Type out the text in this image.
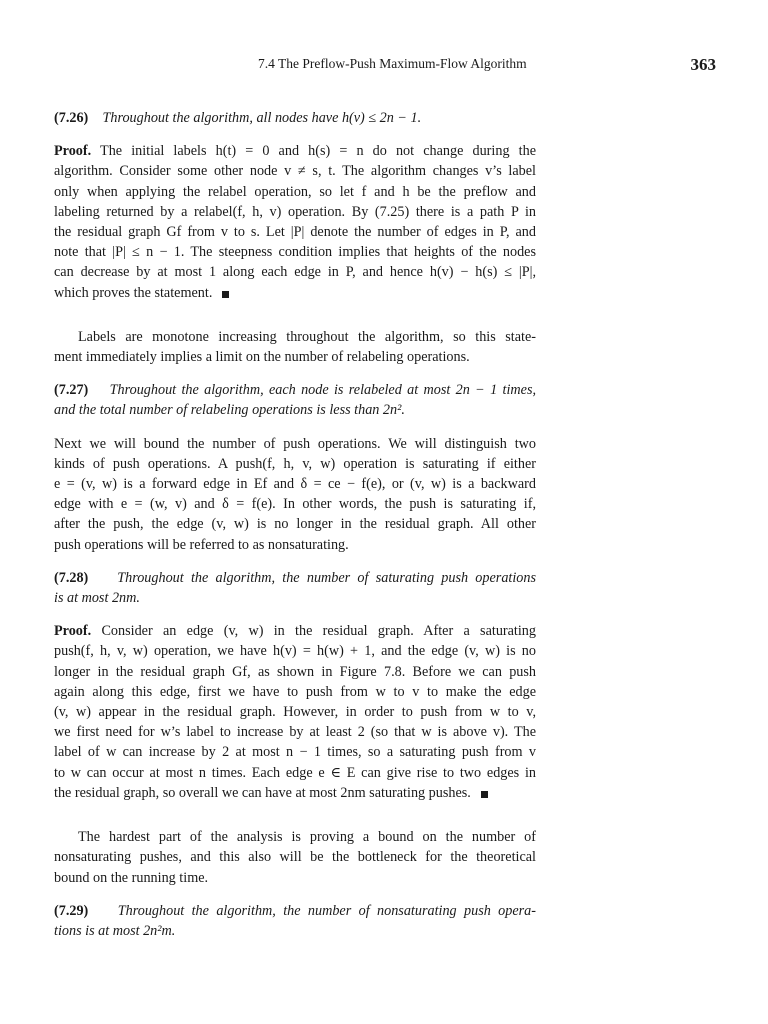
7.4 The Preflow-Push Maximum-Flow Algorithm	363
(7.26) Throughout the algorithm, all nodes have h(v) ≤ 2n − 1.
Proof. The initial labels h(t) = 0 and h(s) = n do not change during the
algorithm. Consider some other node v ≠ s, t. The algorithm changes v’s label
only when applying the relabel operation, so let f and h be the preflow and
labeling returned by a relabel(f, h, v) operation. By (7.25) there is a path P in
the residual graph Gf from v to s. Let |P| denote the number of edges in P, and
note that |P| ≤ n − 1. The steepness condition implies that heights of the nodes
can decrease by at most 1 along each edge in P, and hence h(v) − h(s) ≤ |P|,
which proves the statement.
Labels are monotone increasing throughout the algorithm, so this state-
ment immediately implies a limit on the number of relabeling operations.
(7.27) Throughout the algorithm, each node is relabeled at most 2n − 1 times,
and the total number of relabeling operations is less than 2n².
Next we will bound the number of push operations. We will distinguish two
kinds of push operations. A push(f, h, v, w) operation is saturating if either
e = (v, w) is a forward edge in Ef and δ = ce − f(e), or (v, w) is a backward
edge with e = (w, v) and δ = f(e). In other words, the push is saturating if,
after the push, the edge (v, w) is no longer in the residual graph. All other
push operations will be referred to as nonsaturating.
(7.28) Throughout the algorithm, the number of saturating push operations
is at most 2nm.
Proof. Consider an edge (v, w) in the residual graph. After a saturating
push(f, h, v, w) operation, we have h(v) = h(w) + 1, and the edge (v, w) is no
longer in the residual graph Gf, as shown in Figure 7.8. Before we can push
again along this edge, first we have to push from w to v to make the edge
(v, w) appear in the residual graph. However, in order to push from w to v,
we first need for w’s label to increase by at least 2 (so that w is above v). The
label of w can increase by 2 at most n − 1 times, so a saturating push from v
to w can occur at most n times. Each edge e ∈ E can give rise to two edges in
the residual graph, so overall we can have at most 2nm saturating pushes.
The hardest part of the analysis is proving a bound on the number of
nonsaturating pushes, and this also will be the bottleneck for the theoretical
bound on the running time.
(7.29) Throughout the algorithm, the number of nonsaturating push opera-
tions is at most 2n²m.
